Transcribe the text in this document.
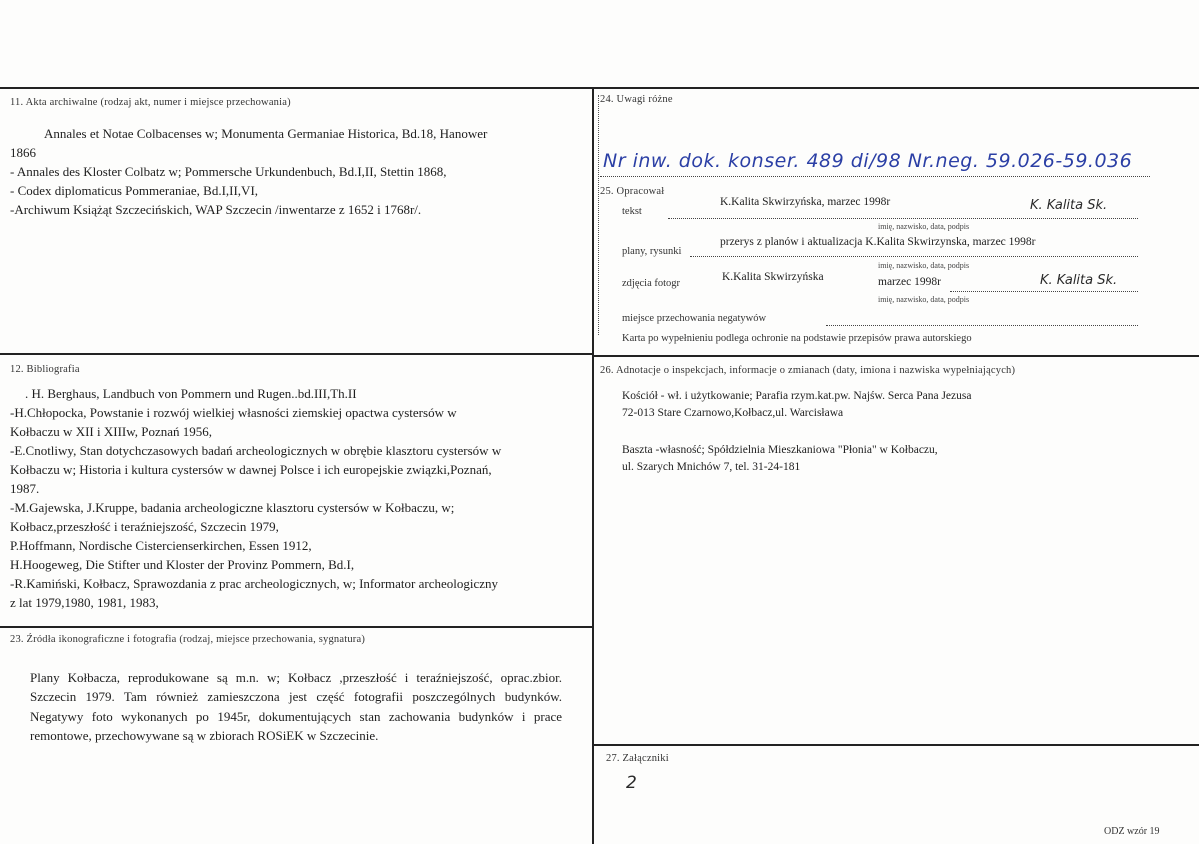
11. Akta archiwalne (rodzaj akt, numer i miejsce przechowania)
Annales et Notae Colbacenses w; Monumenta Germaniae Historica, Bd.18, Hanower
1866
- Annales des Kloster Colbatz w; Pommersche Urkundenbuch, Bd.I,II, Stettin 1868,
- Codex diplomaticus Pommeraniae, Bd.I,II,VI,
-Archiwum Książąt Szczecińskich, WAP Szczecin /inwentarze z 1652 i 1768r/.
12. Bibliografia
. H. Berghaus, Landbuch von Pommern und Rugen..bd.III,Th.II
-H.Chłopocka, Powstanie i rozwój wielkiej własności ziemskiej opactwa cystersów w
Kołbaczu w XII i XIIIw, Poznań 1956,
-E.Cnotliwy, Stan dotychczasowych badań archeologicznych w obrębie klasztoru cystersów w
Kołbaczu w; Historia i kultura cystersów w dawnej Polsce i ich europejskie związki,Poznań,
1987.
-M.Gajewska, J.Kruppe, badania archeologiczne klasztoru cystersów w Kołbaczu, w;
Kołbacz,przeszłość i teraźniejszość, Szczecin 1979,
P.Hoffmann, Nordische Cistercienserkirchen, Essen 1912,
H.Hoogeweg, Die Stifter und Kloster der Provinz Pommern, Bd.I,
-R.Kamiński, Kołbacz, Sprawozdania z prac archeologicznych, w; Informator archeologiczny
z lat 1979,1980, 1981, 1983,
23. Źródła ikonograficzne i fotografia (rodzaj, miejsce przechowania, sygnatura)
Plany Kołbacza, reprodukowane są m.n. w; Kołbacz ,przeszłość i teraźniejszość, oprac.zbior. Szczecin 1979. Tam również zamieszczona jest część fotografii poszczególnych budynków. Negatywy foto wykonanych po 1945r, dokumentujących stan zachowania budynków i prace remontowe, przechowywane są w zbiorach ROSiEK w Szczecinie.
24. Uwagi różne
Nr inw. dok. konser. 489 di/98 Nr.neg. 59.026-59.036
25. Opracował
tekst
K.Kalita Skwirzyńska, marzec 1998r
imię, nazwisko, data, podpis
K. Kalita Sk.
plany, rysunki
przerys z planów i aktualizacja K.Kalita Skwirzynska, marzec 1998r
imię, nazwisko, data, podpis
zdjęcia fotogr
K.Kalita Skwirzyńska	marzec 1998r
imię, nazwisko, data, podpis
K. Kalita Sk.
miejsce przechowania negatywów
Karta po wypełnieniu podlega ochronie na podstawie przepisów prawa autorskiego
26. Adnotacje o inspekcjach, informacje o zmianach (daty, imiona i nazwiska wypełniających)
Kościół - wł. i użytkowanie; Parafia rzym.kat.pw. Najśw. Serca Pana Jezusa
72-013 Stare Czarnowo,Kołbacz,ul. Warcisława
Baszta -własność; Spółdzielnia Mieszkaniowa "Płonia" w Kołbaczu,
ul. Szarych Mnichów 7, tel. 31-24-181
27. Załączniki
2
ODZ wzór 19
